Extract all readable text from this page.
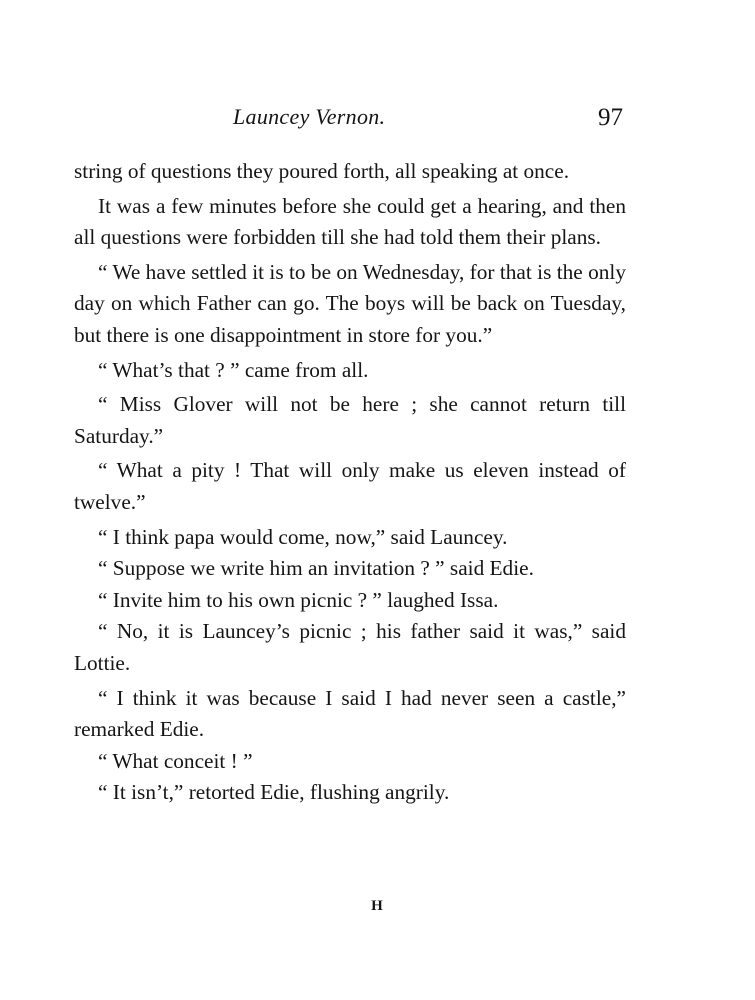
Launcey Vernon.	97

string of questions they poured forth, all speaking at once.

It was a few minutes before she could get a hearing, and then all questions were forbidden till she had told them their plans.

“ We have settled it is to be on Wednesday, for that is the only day on which Father can go. The boys will be back on Tuesday, but there is one disappointment in store for you.”

“ What’s that ? ” came from all.

“ Miss Glover will not be here ; she cannot return till Saturday.”

“ What a pity ! That will only make us eleven instead of twelve.”

“ I think papa would come, now,” said Launcey.

“ Suppose we write him an invitation ? ” said Edie.

“ Invite him to his own picnic ? ” laughed Issa.

“ No, it is Launcey’s picnic ; his father said it was,” said Lottie.

“ I think it was because I said I had never seen a castle,” remarked Edie.

“ What conceit ! ”

“ It isn’t,” retorted Edie, flushing angrily.

H
